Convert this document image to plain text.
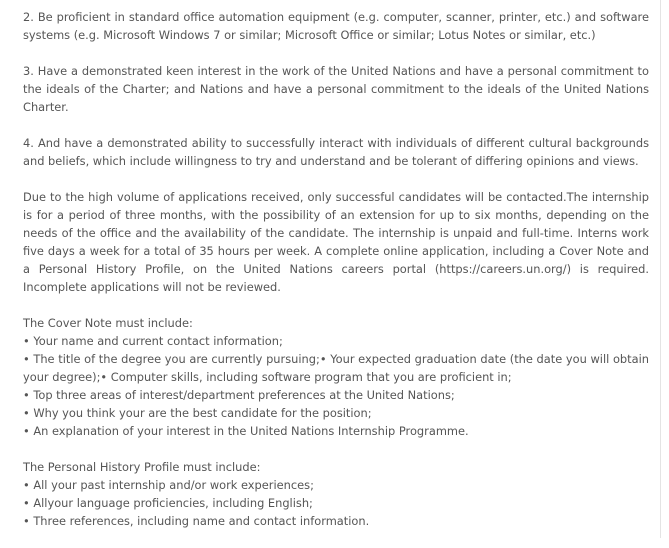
2. Be proficient in standard office automation equipment (e.g. computer, scanner, printer, etc.) and software systems (e.g. Microsoft Windows 7 or similar; Microsoft Office or similar; Lotus Notes or similar, etc.)

3. Have a demonstrated keen interest in the work of the United Nations and have a personal commitment to the ideals of the Charter; and Nations and have a personal commitment to the ideals of the United Nations Charter.

4. And have a demonstrated ability to successfully interact with individuals of different cultural backgrounds and beliefs, which include willingness to try and understand and be tolerant of differing opinions and views.

Due to the high volume of applications received, only successful candidates will be contacted.The internship is for a period of three months, with the possibility of an extension for up to six months, depending on the needs of the office and the availability of the candidate. The internship is unpaid and full-time. Interns work five days a week for a total of 35 hours per week. A complete online application, including a Cover Note and a Personal History Profile, on the United Nations careers portal (https://careers.un.org/) is required. Incomplete applications will not be reviewed.

The Cover Note must include:
• Your name and current contact information;
• The title of the degree you are currently pursuing;• Your expected graduation date (the date you will obtain your degree);• Computer skills, including software program that you are proficient in;
• Top three areas of interest/department preferences at the United Nations;
• Why you think your are the best candidate for the position;
• An explanation of your interest in the United Nations Internship Programme.
The Personal History Profile must include:
• All your past internship and/or work experiences;
• Allyour language proficiencies, including English;
• Three references, including name and contact information.
